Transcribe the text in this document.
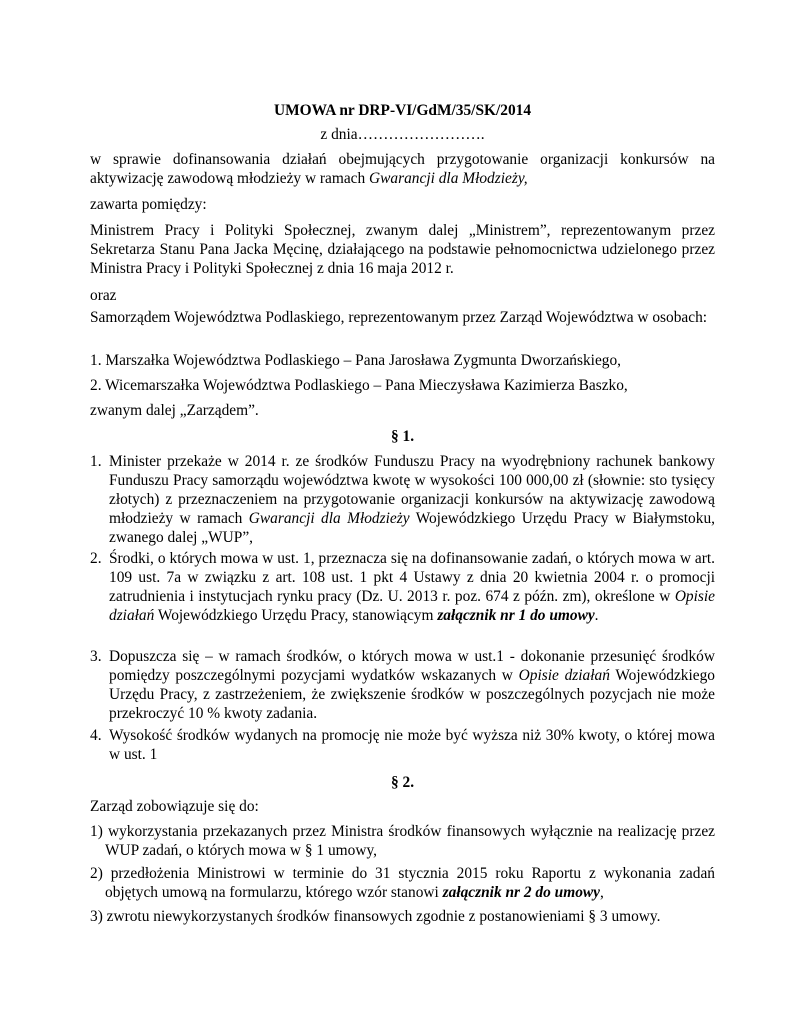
UMOWA nr DRP-VI/GdM/35/SK/2014

z dnia…………………….

w sprawie dofinansowania działań obejmujących przygotowanie organizacji konkursów na aktywizację zawodową młodzieży w ramach Gwarancji dla Młodzieży,

zawarta pomiędzy:

Ministrem Pracy i Polityki Społecznej, zwanym dalej „Ministrem”, reprezentowanym przez Sekretarza Stanu Pana Jacka Męcinę, działającego na podstawie pełnomocnictwa udzielonego przez Ministra Pracy i Polityki Społecznej z dnia 16 maja 2012 r.

oraz

Samorządem Województwa Podlaskiego, reprezentowanym przez Zarząd Województwa w osobach:

1. Marszałka Województwa Podlaskiego – Pana Jarosława Zygmunta Dworzańskiego,

2. Wicemarszałka Województwa Podlaskiego – Pana Mieczysława Kazimierza Baszko,

zwanym dalej „Zarządem”.

§ 1.

1. Minister przekaże w 2014 r. ze środków Funduszu Pracy na wyodrębniony rachunek bankowy Funduszu Pracy samorządu województwa kwotę w wysokości 100 000,00 zł (słownie: sto tysięcy złotych) z przeznaczeniem na przygotowanie organizacji konkursów na aktywizację zawodową młodzieży w ramach Gwarancji dla Młodzieży Wojewódzkiego Urzędu Pracy w Białymstoku, zwanego dalej „WUP”,

2. Środki, o których mowa w ust. 1, przeznacza się na dofinansowanie zadań, o których mowa w art. 109 ust. 7a w związku z art. 108 ust. 1 pkt 4 Ustawy z dnia 20 kwietnia 2004 r. o promocji zatrudnienia i instytucjach rynku pracy (Dz. U. 2013 r. poz. 674 z późn. zm), określone w Opisie działań Wojewódzkiego Urzędu Pracy, stanowiącym załącznik nr 1 do umowy.

3. Dopuszcza się – w ramach środków, o których mowa w ust.1 - dokonanie przesunięć środków pomiędzy poszczególnymi pozycjami wydatków wskazanych w Opisie działań Wojewódzkiego Urzędu Pracy, z zastrzeżeniem, że zwiększenie środków w poszczególnych pozycjach nie może przekroczyć 10 % kwoty zadania.

4. Wysokość środków wydanych na promocję nie może być wyższa niż 30% kwoty, o której mowa w ust. 1

§ 2.

Zarząd zobowiązuje się do:

1) wykorzystania przekazanych przez Ministra środków finansowych wyłącznie na realizację przez WUP zadań, o których mowa w § 1 umowy,

2) przedłożenia Ministrowi w terminie do 31 stycznia 2015 roku Raportu z wykonania zadań objętych umową na formularzu, którego wzór stanowi załącznik nr 2 do umowy,

3) zwrotu niewykorzystanych środków finansowych zgodnie z postanowieniami § 3 umowy.
